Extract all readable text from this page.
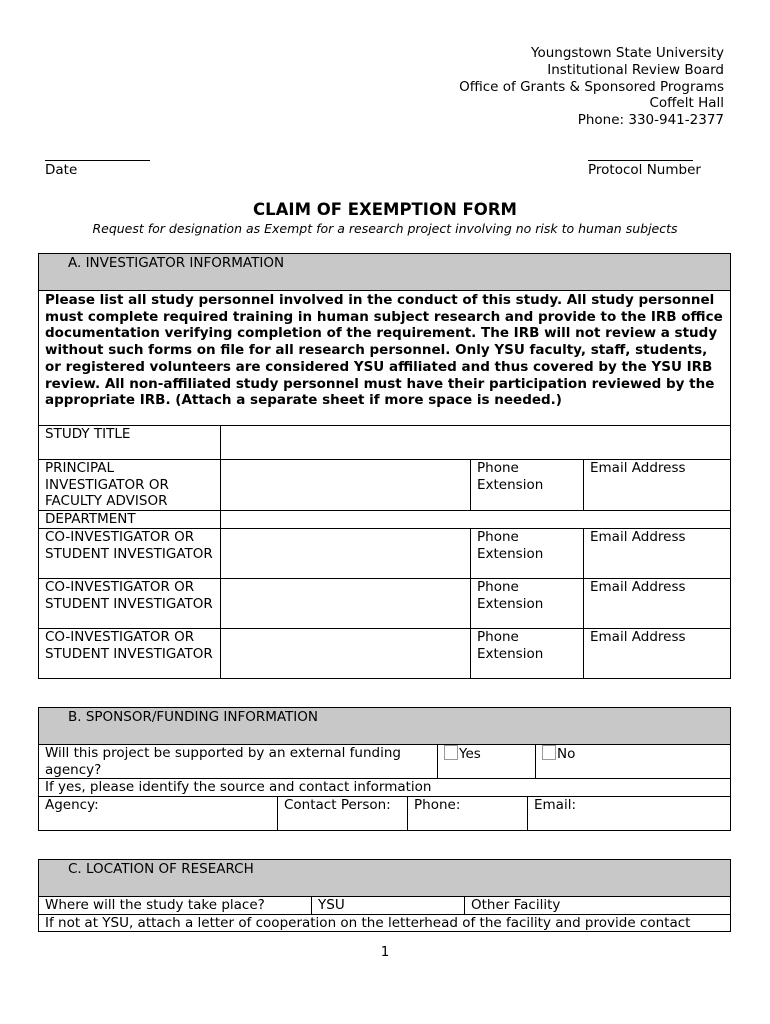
Youngstown State University
Institutional Review Board
Office of Grants & Sponsored Programs
Coffelt Hall
Phone: 330-941-2377
Date	Protocol Number
CLAIM OF EXEMPTION FORM
Request for designation as Exempt for a research project involving no risk to human subjects
A. INVESTIGATOR INFORMATION			
Please list all study personnel involved in the conduct of this study. All study personnel must complete required training in human subject research and provide to the IRB office documentation verifying completion of the requirement. The IRB will not review a study without such forms on file for all research personnel. Only YSU faculty, staff, students, or registered volunteers are considered YSU affiliated and thus covered by the YSU IRB review. All non-affiliated study personnel must have their participation reviewed by the appropriate IRB. (Attach a separate sheet if more space is needed.)			
STUDY TITLE			
PRINCIPAL INVESTIGATOR OR FACULTY ADVISOR		Phone Extension	Email Address
DEPARTMENT			
CO-INVESTIGATOR OR STUDENT INVESTIGATOR		Phone Extension	Email Address
CO-INVESTIGATOR OR STUDENT INVESTIGATOR		Phone Extension	Email Address
CO-INVESTIGATOR OR STUDENT INVESTIGATOR		Phone Extension	Email Address
B. SPONSOR/FUNDING INFORMATION					
Will this project be supported by an external funding agency?			Yes		No
If yes, please identify the source and contact information					
Agency:	Contact Person:	Phone:		Email:	
C. LOCATION OF RESEARCH
Where will the study take place?	YSU	Other Facility
If not at YSU, attach a letter of cooperation on the letterhead of the facility and provide contact
1
